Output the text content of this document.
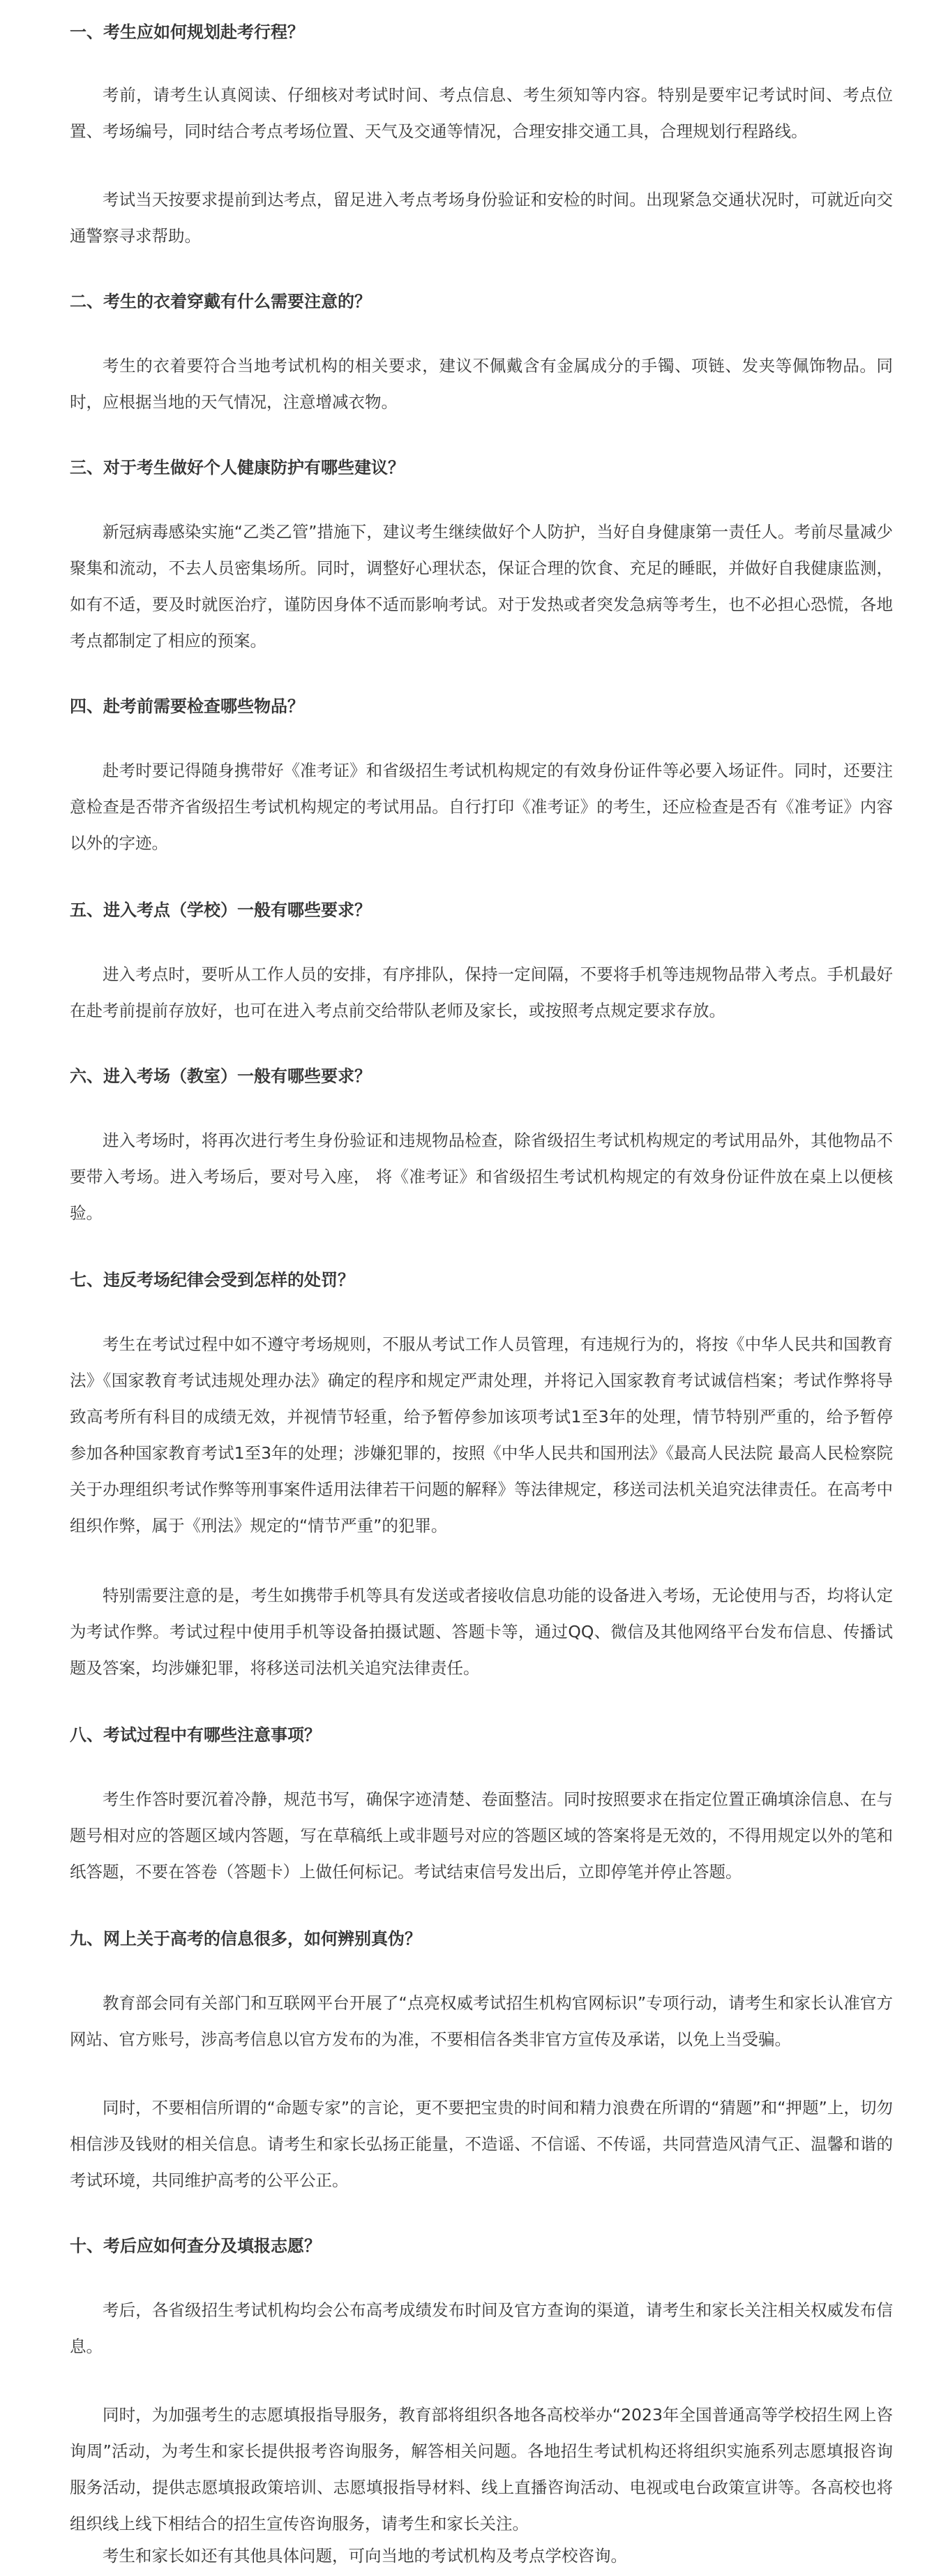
一、考生应如何规划赴考行程？

考前，请考生认真阅读、仔细核对考试时间、考点信息、考生须知等内容。特别是要牢记考试时间、考点位置、考场编号，同时结合考点考场位置、天气及交通等情况，合理安排交通工具，合理规划行程路线。

考试当天按要求提前到达考点，留足进入考点考场身份验证和安检的时间。出现紧急交通状况时，可就近向交通警察寻求帮助。

二、考生的衣着穿戴有什么需要注意的？

考生的衣着要符合当地考试机构的相关要求，建议不佩戴含有金属成分的手镯、项链、发夹等佩饰物品。同时，应根据当地的天气情况，注意增减衣物。

三、对于考生做好个人健康防护有哪些建议？

新冠病毒感染实施“乙类乙管”措施下，建议考生继续做好个人防护，当好自身健康第一责任人。考前尽量减少聚集和流动，不去人员密集场所。同时，调整好心理状态，保证合理的饮食、充足的睡眠，并做好自我健康监测，如有不适，要及时就医治疗，谨防因身体不适而影响考试。对于发热或者突发急病等考生，也不必担心恐慌，各地考点都制定了相应的预案。

四、赴考前需要检查哪些物品？

赴考时要记得随身携带好《准考证》和省级招生考试机构规定的有效身份证件等必要入场证件。同时，还要注意检查是否带齐省级招生考试机构规定的考试用品。自行打印《准考证》的考生，还应检查是否有《准考证》内容以外的字迹。

五、进入考点（学校）一般有哪些要求？

进入考点时，要听从工作人员的安排，有序排队，保持一定间隔，不要将手机等违规物品带入考点。手机最好在赴考前提前存放好，也可在进入考点前交给带队老师及家长，或按照考点规定要求存放。

六、进入考场（教室）一般有哪些要求？

进入考场时，将再次进行考生身份验证和违规物品检查，除省级招生考试机构规定的考试用品外，其他物品不要带入考场。进入考场后，要对号入座， 将《准考证》和省级招生考试机构规定的有效身份证件放在桌上以便核验。

七、违反考场纪律会受到怎样的处罚？

考生在考试过程中如不遵守考场规则，不服从考试工作人员管理，有违规行为的，将按《中华人民共和国教育法》《国家教育考试违规处理办法》确定的程序和规定严肃处理，并将记入国家教育考试诚信档案；考试作弊将导致高考所有科目的成绩无效，并视情节轻重，给予暂停参加该项考试1至3年的处理，情节特别严重的，给予暂停参加各种国家教育考试1至3年的处理；涉嫌犯罪的，按照《中华人民共和国刑法》《最高人民法院 最高人民检察院关于办理组织考试作弊等刑事案件适用法律若干问题的解释》等法律规定，移送司法机关追究法律责任。在高考中组织作弊，属于《刑法》规定的“情节严重”的犯罪。

特别需要注意的是，考生如携带手机等具有发送或者接收信息功能的设备进入考场，无论使用与否，均将认定为考试作弊。考试过程中使用手机等设备拍摄试题、答题卡等，通过QQ、微信及其他网络平台发布信息、传播试题及答案，均涉嫌犯罪，将移送司法机关追究法律责任。

八、考试过程中有哪些注意事项？

考生作答时要沉着冷静，规范书写，确保字迹清楚、卷面整洁。同时按照要求在指定位置正确填涂信息、在与题号相对应的答题区域内答题，写在草稿纸上或非题号对应的答题区域的答案将是无效的，不得用规定以外的笔和纸答题，不要在答卷（答题卡）上做任何标记。考试结束信号发出后，立即停笔并停止答题。

九、网上关于高考的信息很多，如何辨别真伪？

教育部会同有关部门和互联网平台开展了“点亮权威考试招生机构官网标识”专项行动，请考生和家长认准官方网站、官方账号，涉高考信息以官方发布的为准，不要相信各类非官方宣传及承诺，以免上当受骗。

同时，不要相信所谓的“命题专家”的言论，更不要把宝贵的时间和精力浪费在所谓的“猜题”和“押题”上，切勿相信涉及钱财的相关信息。请考生和家长弘扬正能量，不造谣、不信谣、不传谣，共同营造风清气正、温馨和谐的考试环境，共同维护高考的公平公正。

十、考后应如何查分及填报志愿？

考后，各省级招生考试机构均会公布高考成绩发布时间及官方查询的渠道，请考生和家长关注相关权威发布信息。

同时，为加强考生的志愿填报指导服务，教育部将组织各地各高校举办“2023年全国普通高等学校招生网上咨询周”活动，为考生和家长提供报考咨询服务，解答相关问题。各地招生考试机构还将组织实施系列志愿填报咨询服务活动，提供志愿填报政策培训、志愿填报指导材料、线上直播咨询活动、电视或电台政策宣讲等。各高校也将组织线上线下相结合的招生宣传咨询服务，请考生和家长关注。

考生和家长如还有其他具体问题，可向当地的考试机构及考点学校咨询。
